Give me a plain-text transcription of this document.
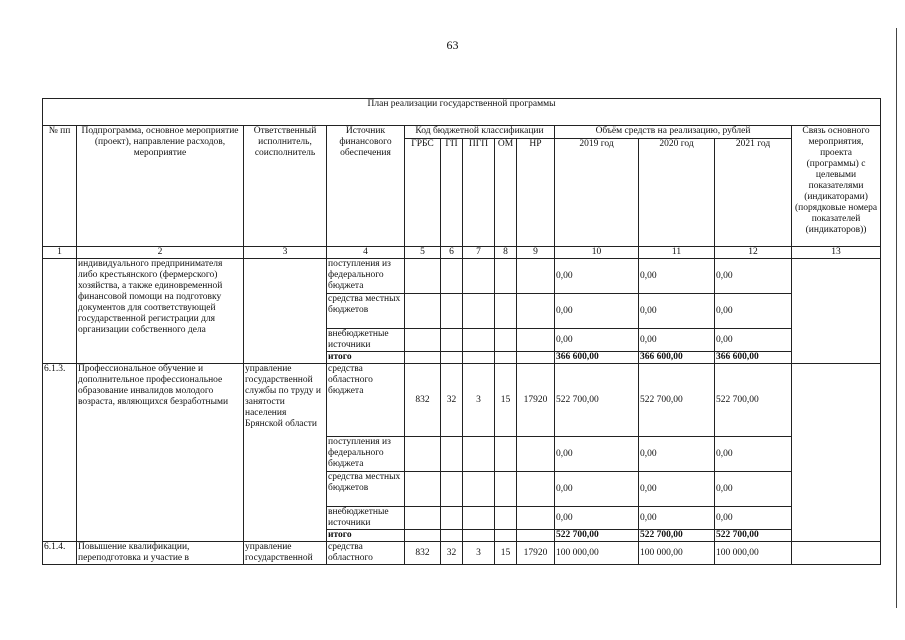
63
План реализации государственной программы												
№ пп	Подпрограмма, основное мероприятие (проект), направление расходов, мероприятие	Ответственный исполнитель, соисполнитель	Источник финансового обеспечения	Код бюджетной классификации					Объём средств на реализацию, рублей			Связь основного мероприятия, проекта (программы) с целевыми показателями (индикаторами) (порядковые номера показателей (индикаторов))
				ГРБС	ГП	ПГП	ОМ	НР	2019 год	2020 год	2021 год	
1	2	3	4	5	6	7	8	9	10	11	12	13
	индивидуального предпринимателя либо крестьянского (фермерского) хозяйства, а также единовременной финансовой помощи на подготовку документов для соответствующей государственной регистрации для организации собственного дела		поступления из федерального бюджета						0,00	0,00	0,00	
			средства местных бюджетов						0,00	0,00	0,00	
			внебюджетные источники						0,00	0,00	0,00	
			итого						366 600,00	366 600,00	366 600,00	
6.1.3.	Профессиональное обучение и дополнительное профессиональное образование инвалидов молодого возраста, являющихся безработными	управление государственной службы по труду и занятости населения Брянской области	средства областного бюджета	832	32	3	15	17920	522 700,00	522 700,00	522 700,00	
			поступления из федерального бюджета						0,00	0,00	0,00	
			средства местных бюджетов						0,00	0,00	0,00	
			внебюджетные источники						0,00	0,00	0,00	
			итого						522 700,00	522 700,00	522 700,00	
6.1.4.	Повышение квалификации, переподготовка и участие в	управление государственной	средства областного	832	32	3	15	17920	100 000,00	100 000,00	100 000,00	
